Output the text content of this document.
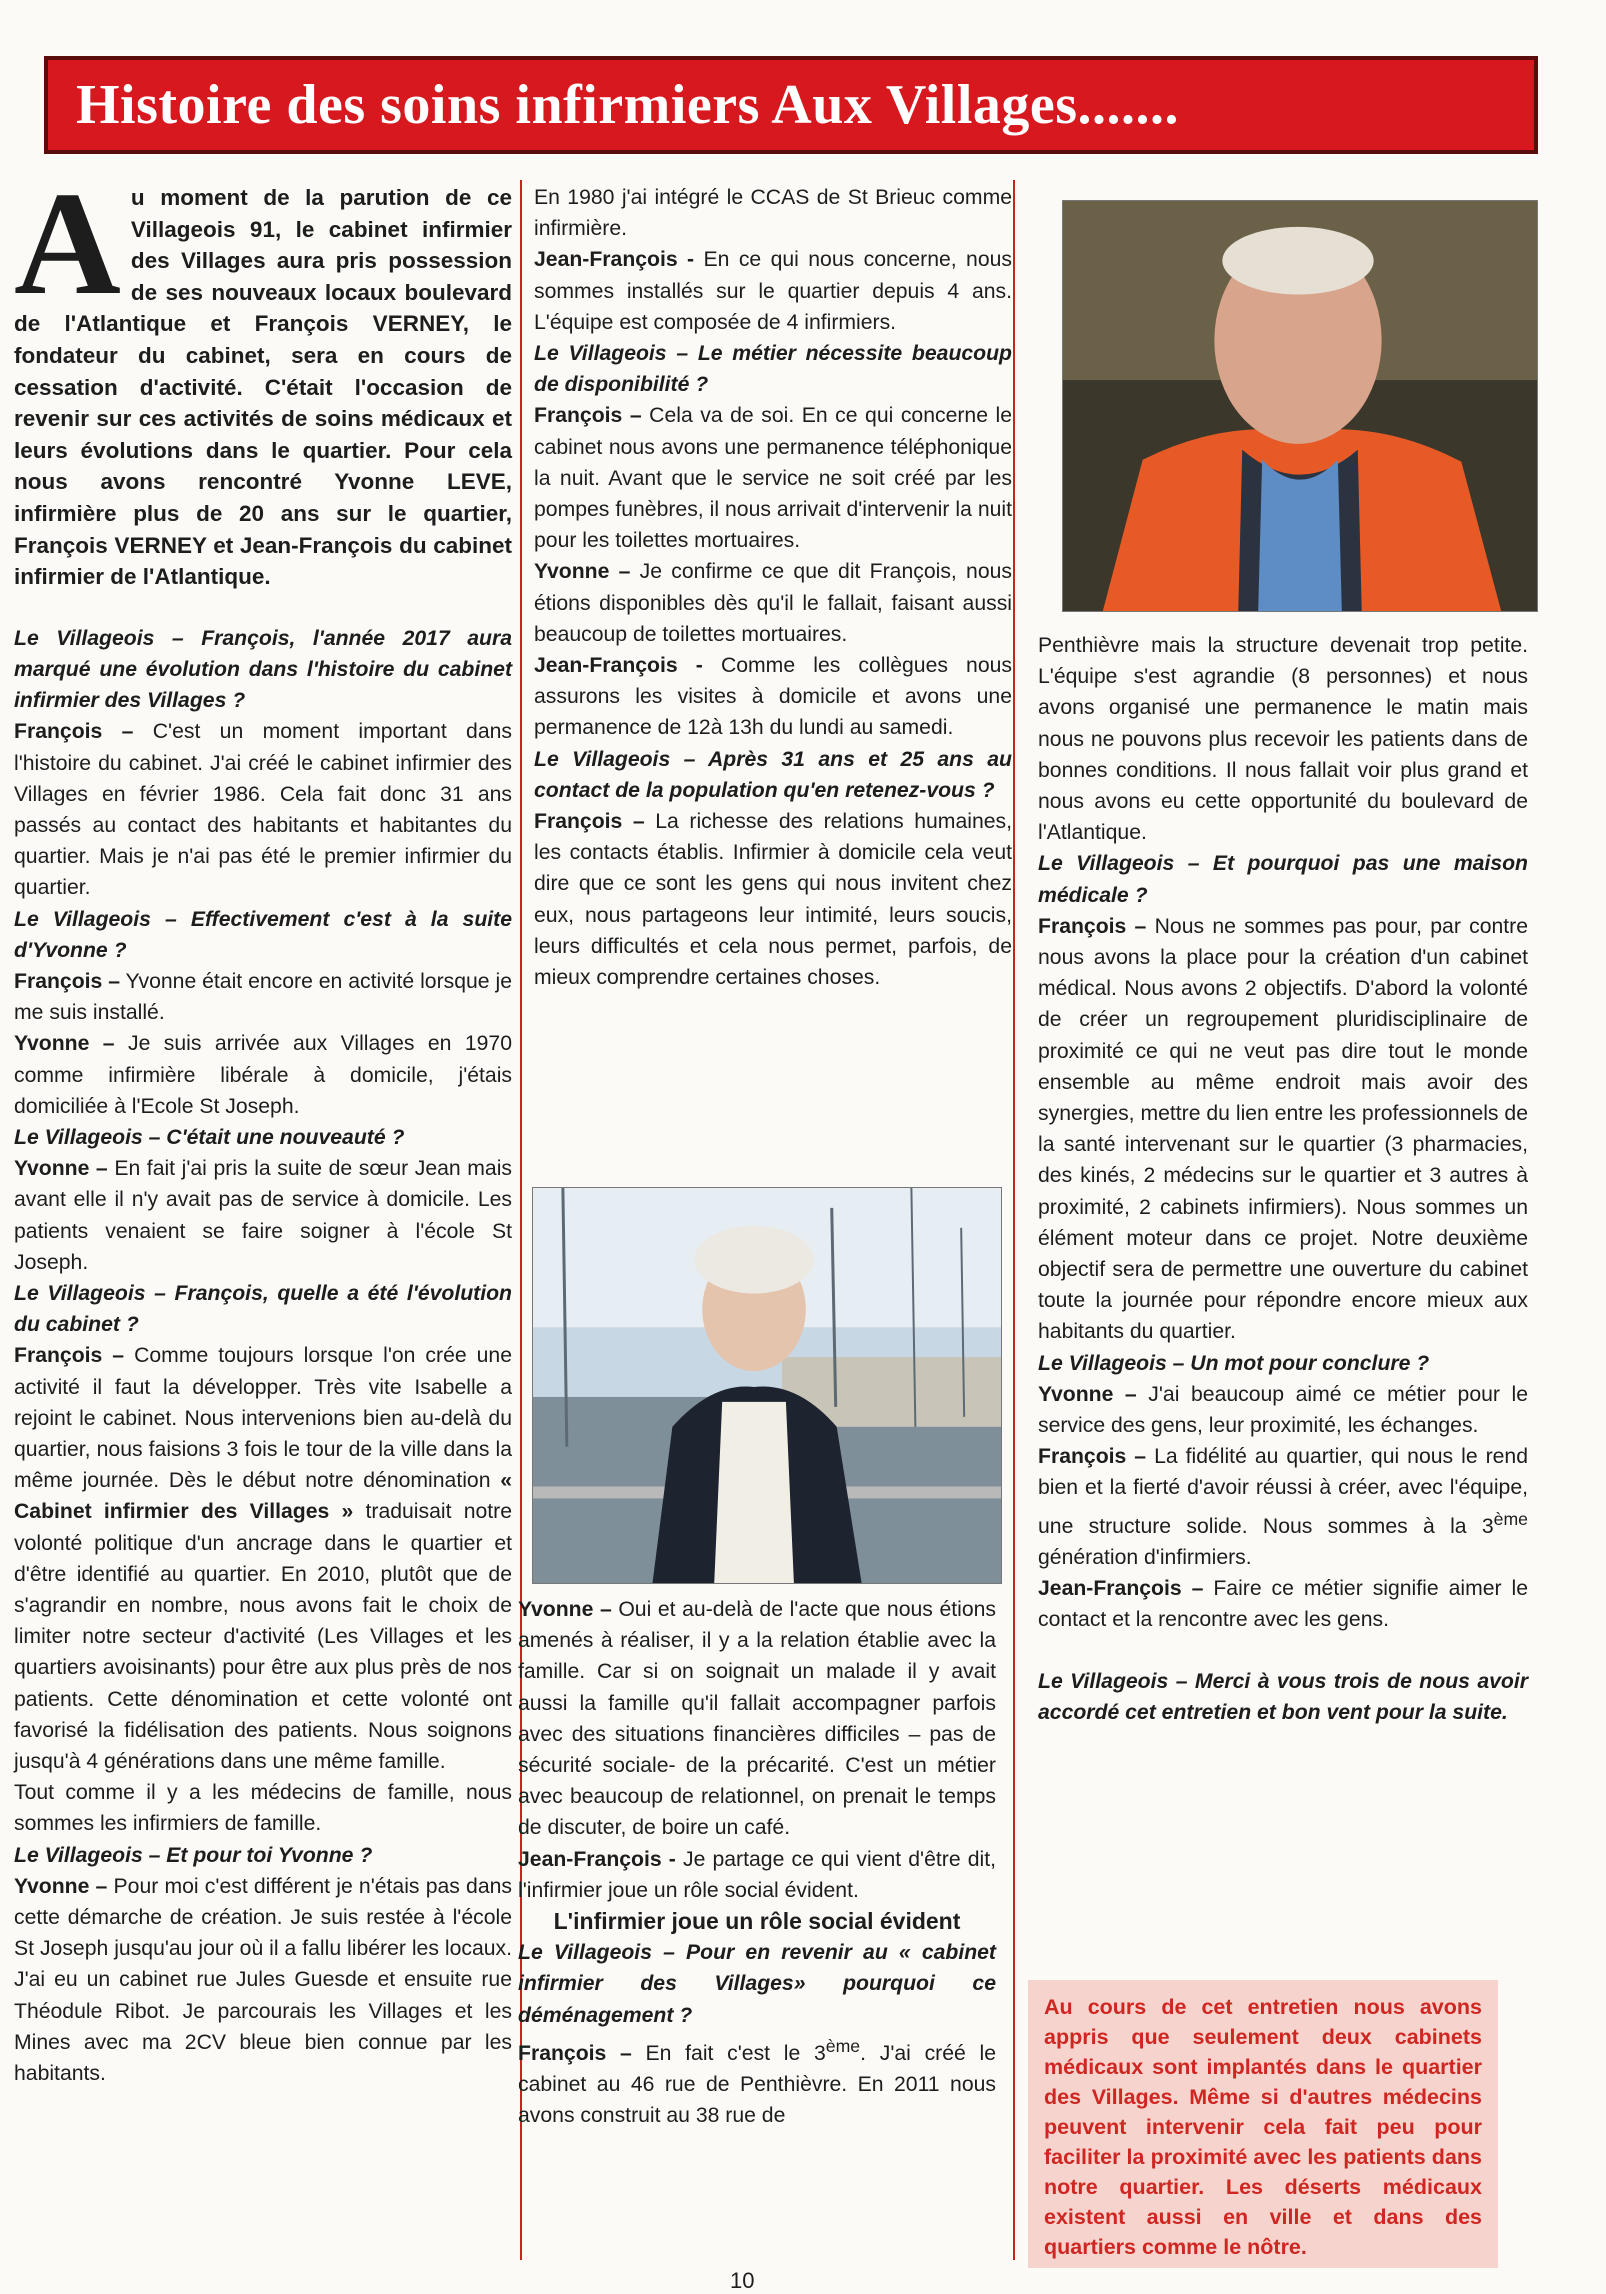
Histoire des soins infirmiers Aux Villages.......
A u moment de la parution de ce Villageois 91, le cabinet infirmier des Villages aura pris possession de ses nouveaux locaux boulevard de l'Atlantique et François VERNEY, le fondateur du cabinet, sera en cours de cessation d'activité. C'était l'occasion de revenir sur ces activités de soins médicaux et leurs évolutions dans le quartier. Pour cela nous avons rencontré Yvonne LEVE, infirmière plus de 20 ans sur le quartier, François VERNEY et Jean-François du cabinet infirmier de l'Atlantique.

Le Villageois – François, l'année 2017 aura marqué une évolution dans l'histoire du cabinet infirmier des Villages ?

François – C'est un moment important dans l'histoire du cabinet. J'ai créé le cabinet infirmier des Villages en février 1986. Cela fait donc 31 ans passés au contact des habitants et habitantes du quartier. Mais je n'ai pas été le premier infirmier du quartier.

Le Villageois – Effectivement c'est à la suite d'Yvonne ?

François – Yvonne était encore en activité lorsque je me suis installé.

Yvonne – Je suis arrivée aux Villages en 1970 comme infirmière libérale à domicile, j'étais domiciliée à l'Ecole St Joseph.

Le Villageois – C'était une nouveauté ?

Yvonne – En fait j'ai pris la suite de sœur Jean mais avant elle il n'y avait pas de service à domicile. Les patients venaient se faire soigner à l'école St Joseph.

Le Villageois – François, quelle a été l'évolution du cabinet ?

François – Comme toujours lorsque l'on crée une activité il faut la développer. Très vite Isabelle a rejoint le cabinet. Nous intervenions bien au-delà du quartier, nous faisions 3 fois le tour de la ville dans la même journée. Dès le début notre dénomination « Cabinet infirmier des Villages » traduisait notre volonté politique d'un ancrage dans le quartier et d'être identifié au quartier. En 2010, plutôt que de s'agrandir en nombre, nous avons fait le choix de limiter notre secteur d'activité (Les Villages et les quartiers avoisinants) pour être aux plus près de nos patients. Cette dénomination et cette volonté ont favorisé la fidélisation des patients. Nous soignons jusqu'à 4 générations dans une même famille.

Tout comme il y a les médecins de famille, nous sommes les infirmiers de famille.

Le Villageois – Et pour toi Yvonne ?

Yvonne – Pour moi c'est différent je n'étais pas dans cette démarche de création. Je suis restée à l'école St Joseph jusqu'au jour où il a fallu libérer les locaux. J'ai eu un cabinet rue Jules Guesde et ensuite rue Théodule Ribot. Je parcourais les Villages et les Mines avec ma 2CV bleue bien connue par les habitants.

En 1980 j'ai intégré le CCAS de St Brieuc comme infirmière.

Jean-François - En ce qui nous concerne, nous sommes installés sur le quartier depuis 4 ans. L'équipe est composée de 4 infirmiers.

Le Villageois – Le métier nécessite beaucoup de disponibilité ?

François – Cela va de soi. En ce qui concerne le cabinet nous avons une permanence téléphonique la nuit. Avant que le service ne soit créé par les pompes funèbres, il nous arrivait d'intervenir la nuit pour les toilettes mortuaires.

Yvonne – Je confirme ce que dit François, nous étions disponibles dès qu'il le fallait, faisant aussi beaucoup de toilettes mortuaires.

Jean-François - Comme les collègues nous assurons les visites à domicile et avons une permanence de 12à 13h du lundi au samedi.

Le Villageois – Après 31 ans et 25 ans au contact de la population qu'en retenez-vous ?

François – La richesse des relations humaines, les contacts établis. Infirmier à domicile cela veut dire que ce sont les gens qui nous invitent chez eux, nous partageons leur intimité, leurs soucis, leurs difficultés et cela nous permet, parfois, de mieux comprendre certaines choses.

Yvonne – Oui et au-delà de l'acte que nous étions amenés à réaliser, il y a la relation établie avec la famille. Car si on soignait un malade il y avait aussi la famille qu'il fallait accompagner parfois avec des situations financières difficiles – pas de sécurité sociale- de la précarité. C'est un métier avec beaucoup de relationnel, on prenait le temps de discuter, de boire un café.

Jean-François - Je partage ce qui vient d'être dit, l'infirmier joue un rôle social évident.

L'infirmier joue un rôle social évident

Le Villageois – Pour en revenir au « cabinet infirmier des Villages» pourquoi ce déménagement ?

François – En fait c'est le 3ème. J'ai créé le cabinet au 46 rue de Penthièvre. En 2011 nous avons construit au 38 rue de

Penthièvre mais la structure devenait trop petite. L'équipe s'est agrandie (8 personnes) et nous avons organisé une permanence le matin mais nous ne pouvons plus recevoir les patients dans de bonnes conditions. Il nous fallait voir plus grand et nous avons eu cette opportunité du boulevard de l'Atlantique.

Le Villageois – Et pourquoi pas une maison médicale ?

François – Nous ne sommes pas pour, par contre nous avons la place pour la création d'un cabinet médical. Nous avons 2 objectifs. D'abord la volonté de créer un regroupement pluridisciplinaire de proximité ce qui ne veut pas dire tout le monde ensemble au même endroit mais avoir des synergies, mettre du lien entre les professionnels de la santé intervenant sur le quartier (3 pharmacies, des kinés, 2 médecins sur le quartier et 3 autres à proximité, 2 cabinets infirmiers). Nous sommes un élément moteur dans ce projet. Notre deuxième objectif sera de permettre une ouverture du cabinet toute la journée pour répondre encore mieux aux habitants du quartier.

Le Villageois – Un mot pour conclure ?

Yvonne – J'ai beaucoup aimé ce métier pour le service des gens, leur proximité, les échanges.

François – La fidélité au quartier, qui nous le rend bien et la fierté d'avoir réussi à créer, avec l'équipe, une structure solide. Nous sommes à la 3ème génération d'infirmiers.

Jean-François – Faire ce métier signifie aimer le contact et la rencontre avec les gens.

Le Villageois – Merci à vous trois de nous avoir accordé cet entretien et bon vent pour la suite.

Au cours de cet entretien nous avons appris que seulement deux cabinets médicaux sont implantés dans le quartier des Villages. Même si d'autres médecins peuvent intervenir cela fait peu pour faciliter la proximité avec les patients dans notre quartier. Les déserts médicaux existent aussi en ville et dans des quartiers comme le nôtre.
10
